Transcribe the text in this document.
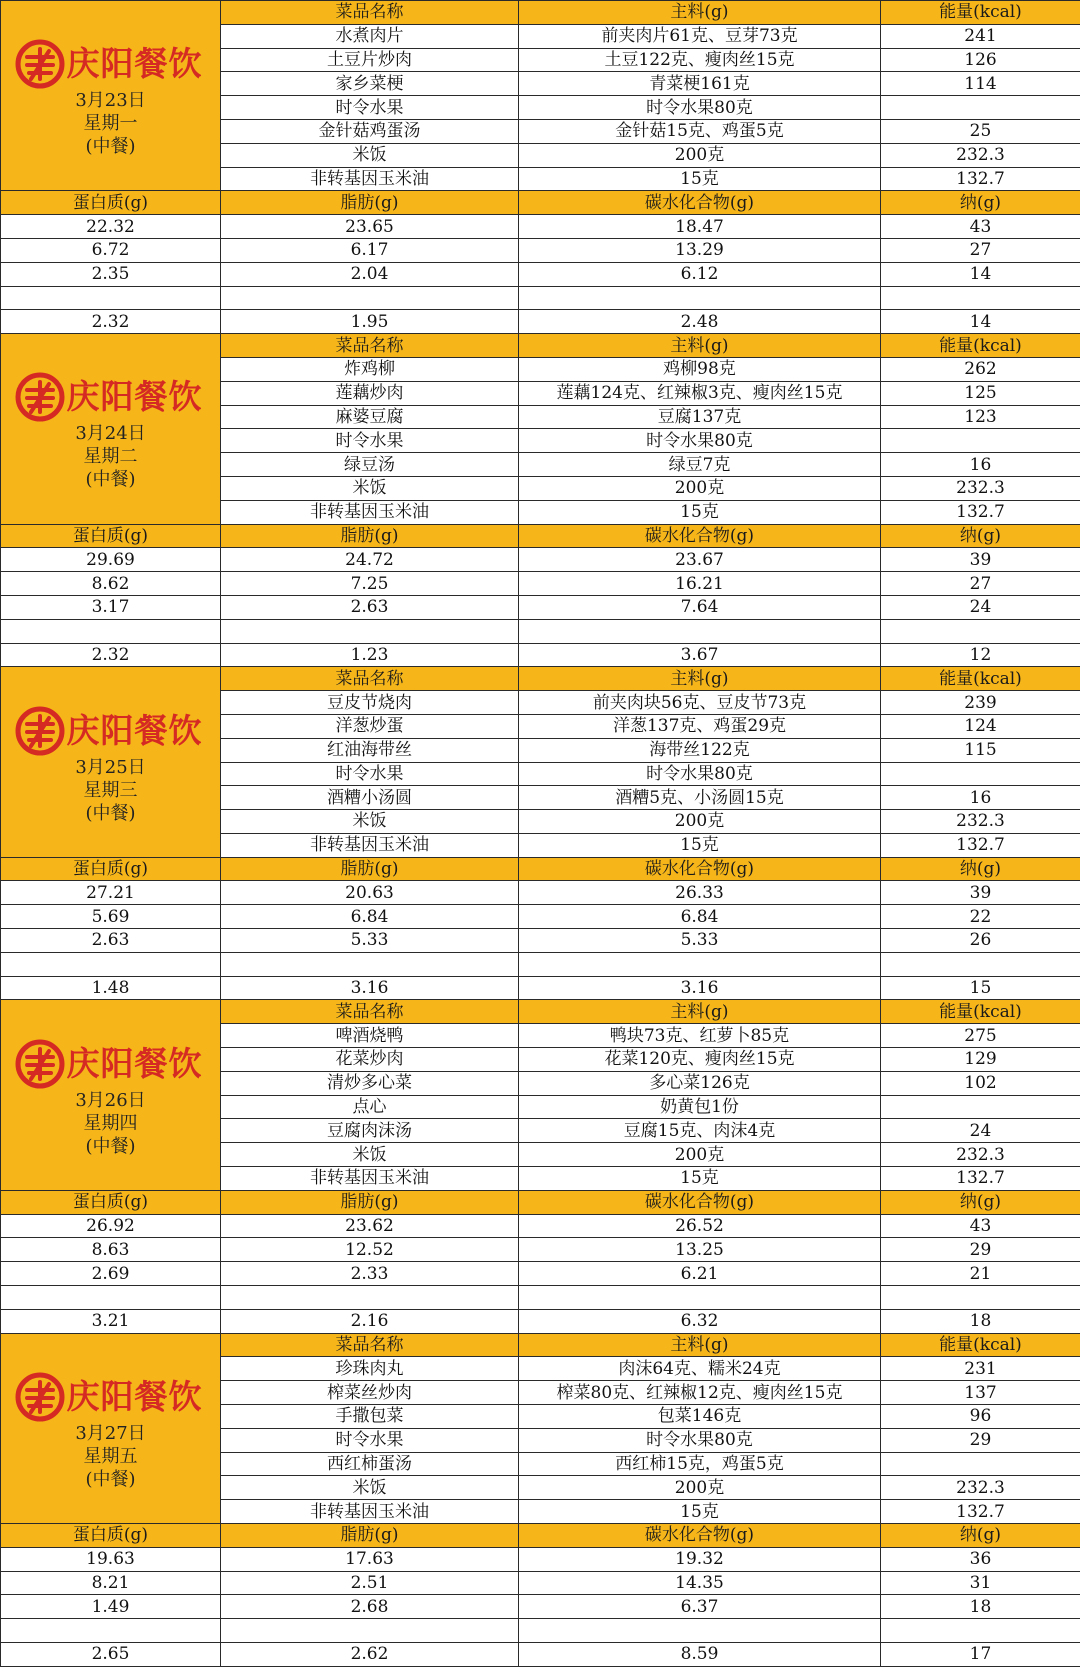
庆阳餐饮
3月23日
星期一
(中餐)	菜品名称	主料(g)	能量(kcal)
	水煮肉片	前夹肉片61克、豆芽73克	241
	土豆片炒肉	土豆122克、瘦肉丝15克	126
	家乡菜梗	青菜梗161克	114
	时令水果	时令水果80克	
	金针菇鸡蛋汤	金针菇15克、鸡蛋5克	25
	米饭	200克	232.3
	非转基因玉米油	15克	132.7
蛋白质(g)	脂肪(g)	碳水化合物(g)	纳(g)
22.32	23.65	18.47	43
6.72	6.17	13.29	27
2.35	2.04	6.12	14

2.32	1.95	2.48	14

庆阳餐饮
3月24日
星期二
(中餐)	菜品名称	主料(g)	能量(kcal)
	炸鸡柳	鸡柳98克	262
	莲藕炒肉	莲藕124克、红辣椒3克、瘦肉丝15克	125
	麻婆豆腐	豆腐137克	123
	时令水果	时令水果80克	
	绿豆汤	绿豆7克	16
	米饭	200克	232.3
	非转基因玉米油	15克	132.7
蛋白质(g)	脂肪(g)	碳水化合物(g)	纳(g)
29.69	24.72	23.67	39
8.62	7.25	16.21	27
3.17	2.63	7.64	24

2.32	1.23	3.67	12

庆阳餐饮
3月25日
星期三
(中餐)	菜品名称	主料(g)	能量(kcal)
	豆皮节烧肉	前夹肉块56克、豆皮节73克	239
	洋葱炒蛋	洋葱137克、鸡蛋29克	124
	红油海带丝	海带丝122克	115
	时令水果	时令水果80克	
	酒糟小汤圆	酒糟5克、小汤圆15克	16
	米饭	200克	232.3
	非转基因玉米油	15克	132.7
蛋白质(g)	脂肪(g)	碳水化合物(g)	纳(g)
27.21	20.63	26.33	39
5.69	6.84	6.84	22
2.63	5.33	5.33	26

1.48	3.16	3.16	15

庆阳餐饮
3月26日
星期四
(中餐)	菜品名称	主料(g)	能量(kcal)
	啤酒烧鸭	鸭块73克、红萝卜85克	275
	花菜炒肉	花菜120克、瘦肉丝15克	129
	清炒多心菜	多心菜126克	102
	点心	奶黄包1份	
	豆腐肉沫汤	豆腐15克、肉沫4克	24
	米饭	200克	232.3
	非转基因玉米油	15克	132.7
蛋白质(g)	脂肪(g)	碳水化合物(g)	纳(g)
26.92	23.62	26.52	43
8.63	12.52	13.25	29
2.69	2.33	6.21	21

3.21	2.16	6.32	18

庆阳餐饮
3月27日
星期五
(中餐)	菜品名称	主料(g)	能量(kcal)
	珍珠肉丸	肉沫64克、糯米24克	231
	榨菜丝炒肉	榨菜80克、红辣椒12克、瘦肉丝15克	137
	手撒包菜	包菜146克	96
	时令水果	时令水果80克	29
	西红柿蛋汤	西红柿15克，鸡蛋5克	
	米饭	200克	232.3
	非转基因玉米油	15克	132.7
蛋白质(g)	脂肪(g)	碳水化合物(g)	纳(g)
19.63	17.63	19.32	36
8.21	2.51	14.35	31
1.49	2.68	6.37	18

2.65	2.62	8.59	17
